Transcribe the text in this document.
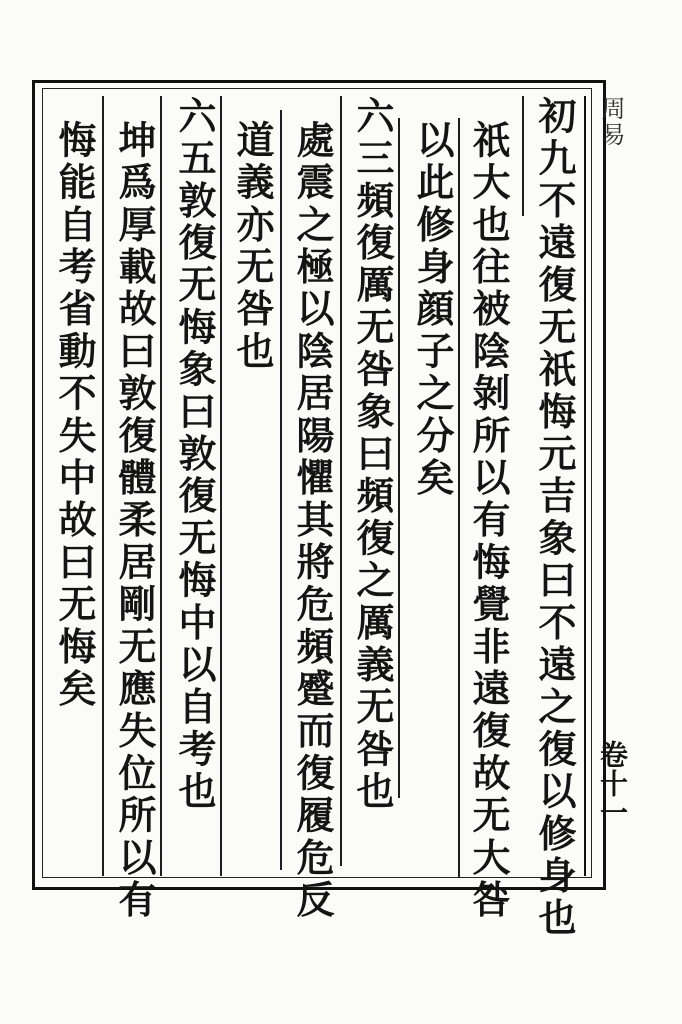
初九不遠復无祇悔元吉象曰不遠之復以修身也
祇大也往被陰剝所以有悔覺非遠復故无大咎
以此修身顔子之分矣
六三頻復厲无咎象曰頻復之厲義无咎也
處震之極以陰居陽懼其將危頻蹙而復履危反
道義亦无咎也
六五敦復无悔象曰敦復无悔中以自考也
坤爲厚載故曰敦復體柔居剛无應失位所以有
悔能自考省動不失中故曰无悔矣	周易
卷十一
